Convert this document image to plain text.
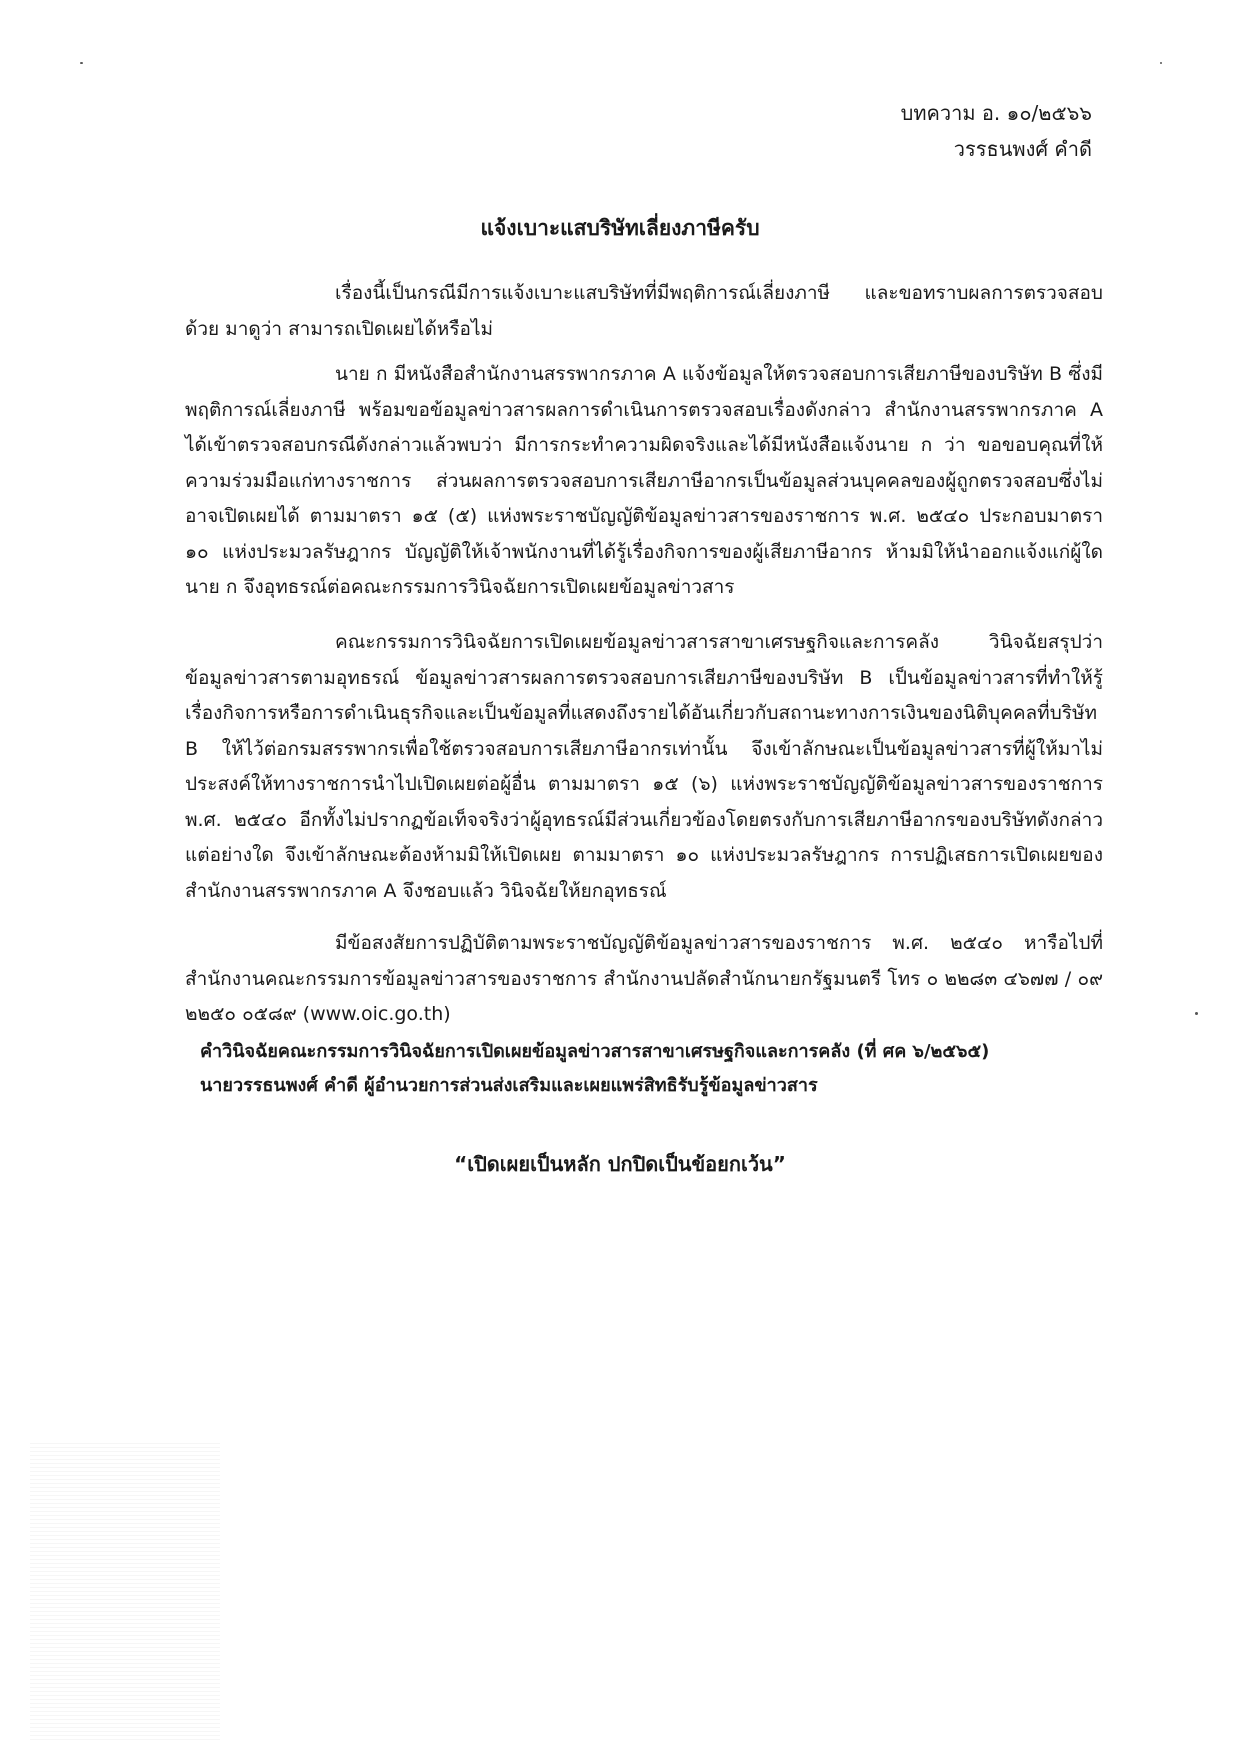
บทความ อ. ๑๐/๒๕๖๖
วรรธนพงศ์ คำดี
แจ้งเบาะแสบริษัทเลี่ยงภาษีครับ

เรื่องนี้เป็นกรณีมีการแจ้งเบาะแสบริษัทที่มีพฤติการณ์เลี่ยงภาษี และขอทราบผลการตรวจสอบด้วย มาดูว่า สามารถเปิดเผยได้หรือไม่

นาย ก มีหนังสือสำนักงานสรรพากรภาค A แจ้งข้อมูลให้ตรวจสอบการเสียภาษีของบริษัท B ซึ่งมีพฤติการณ์เลี่ยงภาษี พร้อมขอข้อมูลข่าวสารผลการดำเนินการตรวจสอบเรื่องดังกล่าว สำนักงานสรรพากรภาค A ได้เข้าตรวจสอบกรณีดังกล่าวแล้วพบว่า มีการกระทำความผิดจริงและได้มีหนังสือแจ้งนาย ก ว่า ขอขอบคุณที่ให้ความร่วมมือแก่ทางราชการ ส่วนผลการตรวจสอบการเสียภาษีอากรเป็นข้อมูลส่วนบุคคลของผู้ถูกตรวจสอบซึ่งไม่อาจเปิดเผยได้ ตามมาตรา ๑๕ (๕) แห่งพระราชบัญญัติข้อมูลข่าวสารของราชการ พ.ศ. ๒๕๔๐ ประกอบมาตรา ๑๐ แห่งประมวลรัษฎากร บัญญัติให้เจ้าพนักงานที่ได้รู้เรื่องกิจการของผู้เสียภาษีอากร ห้ามมิให้นำออกแจ้งแก่ผู้ใด นาย ก จึงอุทธรณ์ต่อคณะกรรมการวินิจฉัยการเปิดเผยข้อมูลข่าวสาร

คณะกรรมการวินิจฉัยการเปิดเผยข้อมูลข่าวสารสาขาเศรษฐกิจและการคลัง วินิจฉัยสรุปว่า ข้อมูลข่าวสารตามอุทธรณ์ ข้อมูลข่าวสารผลการตรวจสอบการเสียภาษีของบริษัท B เป็นข้อมูลข่าวสารที่ทำให้รู้เรื่องกิจการหรือการดำเนินธุรกิจและเป็นข้อมูลที่แสดงถึงรายได้อันเกี่ยวกับสถานะทางการเงินของนิติบุคคลที่บริษัท B ให้ไว้ต่อกรมสรรพากรเพื่อใช้ตรวจสอบการเสียภาษีอากรเท่านั้น จึงเข้าลักษณะเป็นข้อมูลข่าวสารที่ผู้ให้มาไม่ประสงค์ให้ทางราชการนำไปเปิดเผยต่อผู้อื่น ตามมาตรา ๑๕ (๖) แห่งพระราชบัญญัติข้อมูลข่าวสารของราชการ พ.ศ. ๒๕๔๐ อีกทั้งไม่ปรากฏข้อเท็จจริงว่าผู้อุทธรณ์มีส่วนเกี่ยวข้องโดยตรงกับการเสียภาษีอากรของบริษัทดังกล่าวแต่อย่างใด จึงเข้าลักษณะต้องห้ามมิให้เปิดเผย ตามมาตรา ๑๐ แห่งประมวลรัษฎากร การปฏิเสธการเปิดเผยของสำนักงานสรรพากรภาค A จึงชอบแล้ว วินิจฉัยให้ยกอุทธรณ์

มีข้อสงสัยการปฏิบัติตามพระราชบัญญัติข้อมูลข่าวสารของราชการ พ.ศ. ๒๕๔๐ หารือไปที่สำนักงานคณะกรรมการข้อมูลข่าวสารของราชการ สำนักงานปลัดสำนักนายกรัฐมนตรี โทร ๐ ๒๒๘๓ ๔๖๗๗ / ๐๙ ๒๒๕๐ ๐๕๘๙ (www.oic.go.th)

คำวินิจฉัยคณะกรรมการวินิจฉัยการเปิดเผยข้อมูลข่าวสารสาขาเศรษฐกิจและการคลัง (ที่ ศค ๖/๒๕๖๕)
นายวรรธนพงศ์ คำดี ผู้อำนวยการส่วนส่งเสริมและเผยแพร่สิทธิรับรู้ข้อมูลข่าวสาร
“เปิดเผยเป็นหลัก ปกปิดเป็นข้อยกเว้น”
